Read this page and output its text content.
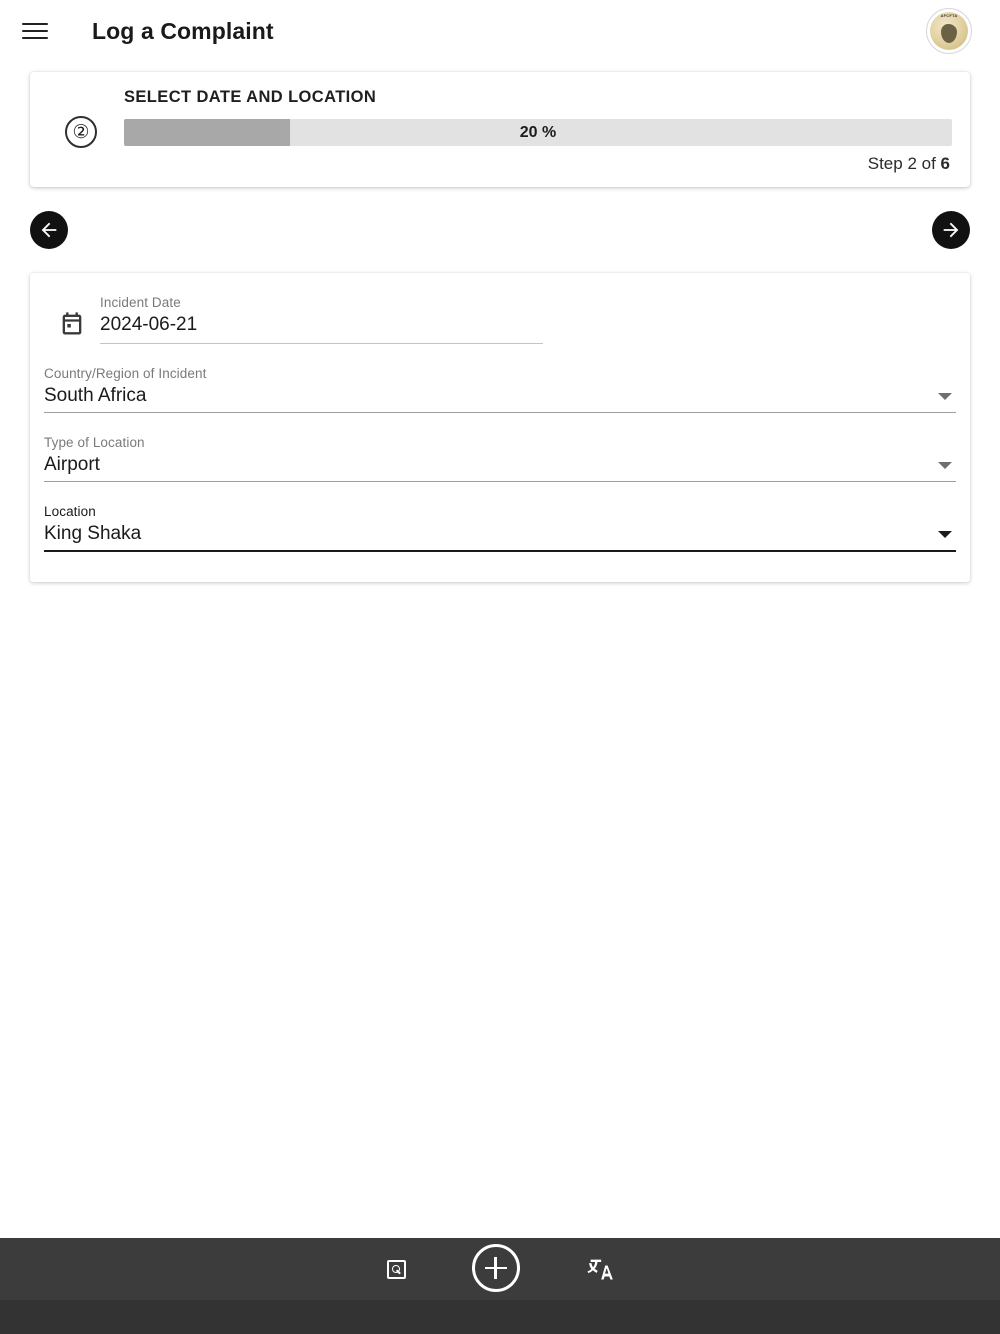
Log a Complaint
AFCFTA
②
SELECT DATE AND LOCATION
20 %
Step 2 of 6
Incident Date
2024-06-21
Country/Region of Incident
South Africa
Type of Location
Airport
Location
King Shaka
